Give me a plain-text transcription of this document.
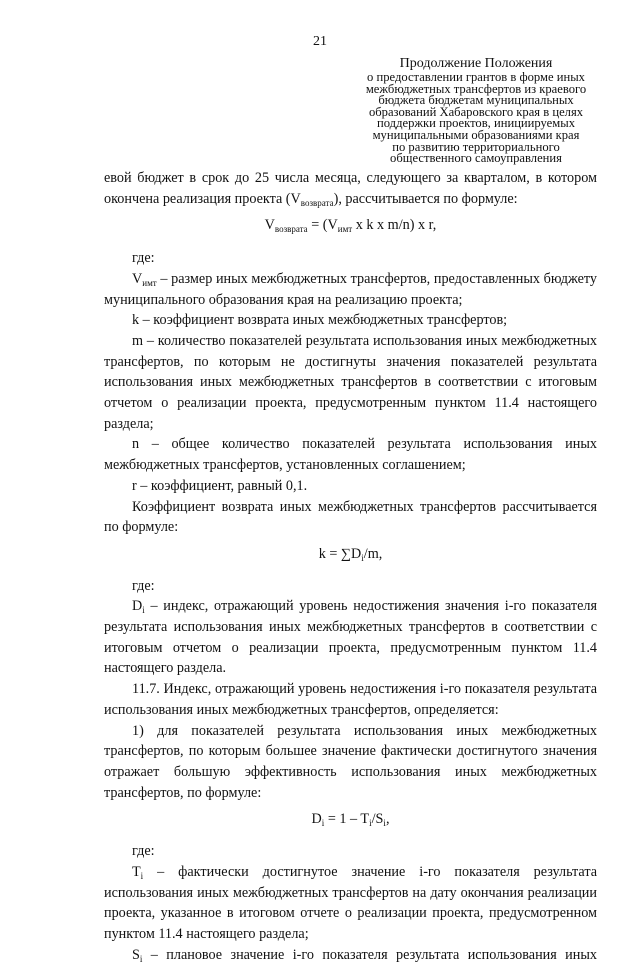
21
Продолжение Положения
о предоставлении грантов в форме иных
межбюджетных трансфертов из краевого
бюджета бюджетам муниципальных
образований Хабаровского края в целях
поддержки проектов, инициируемых
муниципальными образованиями края
по развитию территориального
общественного самоуправления

евой бюджет в срок до 25 числа месяца, следующего за кварталом, в котором

окончена реализация проекта $(V_{возврата})$, рассчитывается по формуле:

$V_{возврата} = (V_{имт}$ x k x m/n) x r,

где:

$V_{имт}$ – размер иных межбюджетных трансфертов, предоставленных бюджету муниципального образования края на реализацию проекта;

k – коэффициент возврата иных межбюджетных трансфертов;

m – количество показателей результата использования иных межбюджетных трансфертов, по которым не достигнуты значения показателей результата использования иных межбюджетных трансфертов в соответствии с итоговым отчетом о реализации проекта, предусмотренным пунктом 11.4 настоящего раздела;

n – общее количество показателей результата использования иных межбюджетных трансфертов, установленных соглашением;

r – коэффициент, равный 0,1.

Коэффициент возврата иных межбюджетных трансфертов рассчитывается по формуле:

$k = \sum D_i/m$,

где:

$D_i$ – индекс, отражающий уровень недостижения значения i-го показателя результата использования иных межбюджетных трансфертов в соответствии с итоговым отчетом о реализации проекта, предусмотренным пунктом 11.4 настоящего раздела.

11.7. Индекс, отражающий уровень недостижения i-го показателя результата использования иных межбюджетных трансфертов, определяется:

1) для показателей результата использования иных межбюджетных трансфертов, по которым большее значение фактически достигнутого значения отражает большую эффективность использования иных межбюджетных трансфертов, по формуле:

$D_i = 1 - T_i/S_i$,

где:

$T_i$ – фактически достигнутое значение i-го показателя результата использования иных межбюджетных трансфертов на дату окончания реализации проекта, указанное в итоговом отчете о реализации проекта, предусмотренном пунктом 11.4 настоящего раздела;

$S_i$ – плановое значение i-го показателя результата использования иных
